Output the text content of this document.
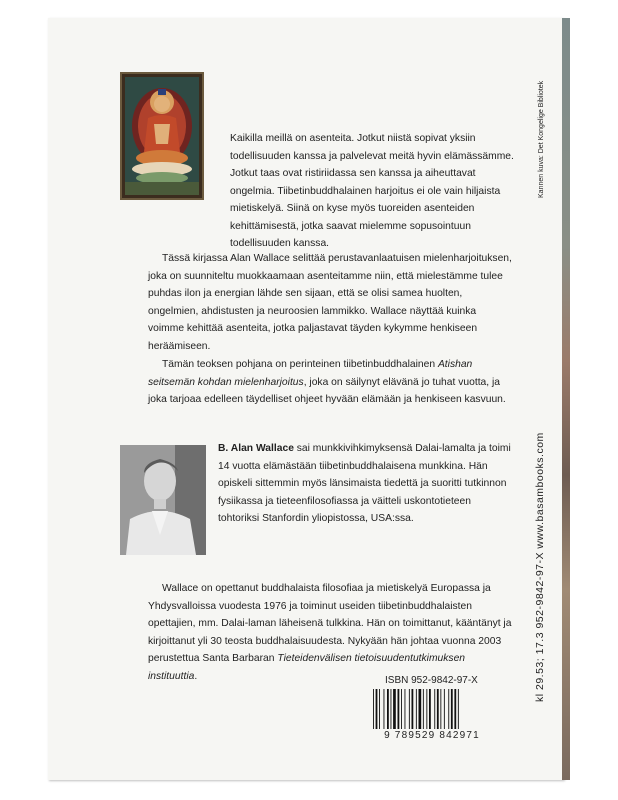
Kaikilla meillä on asenteita. Jotkut niistä sopivat yksiin todellisuuden kanssa ja palvelevat meitä hyvin elämässämme. Jotkut taas ovat ristiriidassa sen kanssa ja aiheuttavat ongelmia. Tiibetinbuddhalainen harjoitus ei ole vain hiljaista mietiskelyä. Siinä on kyse myös tuoreiden asenteiden kehittämisestä, jotka saavat mielemme sopusointuun todellisuuden kanssa.

Tässä kirjassa Alan Wallace selittää perustavanlaatuisen mielenharjoituksen, joka on suunniteltu muokkaamaan asenteitamme niin, että mielestämme tulee puhdas ilon ja energian lähde sen sijaan, että se olisi samea huolten, ongelmien, ahdistusten ja neuroosien lammikko. Wallace näyttää kuinka voimme kehittää asenteita, jotka paljastavat täyden kykymme henkiseen heräämiseen.

Tämän teoksen pohjana on perinteinen tiibetinbuddhalainen Atishan seitsemän kohdan mielenharjoitus, joka on säilynyt elävänä jo tuhat vuotta, ja joka tarjoaa edelleen täydelliset ohjeet hyvään elämään ja henkiseen kasvuun.

B. Alan Wallace sai munkkivihkimyksensä Dalai-lamalta ja toimi 14 vuotta elämästään tiibetinbuddhalaisena munkkina. Hän opiskeli sittemmin myös länsimaista tiedettä ja suoritti tutkinnon fysiikassa ja tieteenfilosofiassa ja väitteli uskontotieteen tohtoriksi Stanfordin yliopistossa, USA:ssa.

Wallace on opettanut buddhalaista filosofiaa ja mietiskelyä Europassa ja Yhdysvalloissa vuodesta 1976 ja toiminut useiden tiibetinbuddhalaisten opettajien, mm. Dalai-laman läheisenä tulkkina. Hän on toimittanut, kääntänyt ja kirjoittanut yli 30 teosta buddhalaisuudesta. Nykyään hän johtaa vuonna 2003 perustettua Santa Barbaran Tieteidenvälisen tietoisuudentutkimuksen instituuttia.

Kannen kuva: Det Kongelige Bibliotek
kl 29.53; 17.3 952-9842-97-X www.basambooks.com
ISBN 952-9842-97-X
9 789529 842971
